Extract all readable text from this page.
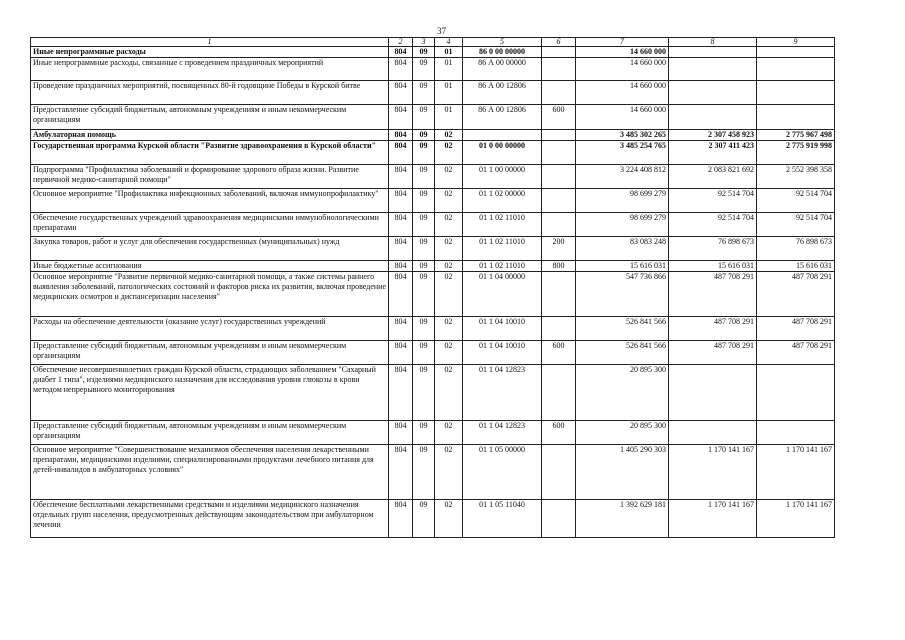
37
1	2	3	4	5	6	7	8	9
Иные непрограммные расходы	804	09	01	86 0 00 00000		14 660 000		
Иные непрограммные расходы, связанные с проведением праздничных мероприятий	804	09	01	86 А 00 00000		14 660 000		
Проведение праздничных мероприятий, посвященных 80-й годовщине Победы в Курской битве	804	09	01	86 А 00 12806		14 660 000		
Предоставление субсидий бюджетным, автономным учреждениям и иным некоммерческим организациям	804	09	01	86 А 00 12806	600	14 660 000		
Амбулаторная помощь	804	09	02			3 485 302 265	2 307 458 923	2 775 967 498
Государственная программа Курской области "Развитие здравоохранения в Курской области"	804	09	02	01 0 00 00000		3 485 254 765	2 307 411 423	2 775 919 998
Подпрограмма "Профилактика заболеваний и формирование здорового образа жизни. Развитие первичной медико-санитарной помощи"	804	09	02	01 1 00 00000		3 224 408 812	2 083 821 692	2 552 398 358
Основное мероприятие "Профилактика инфекционных заболеваний, включая иммунопрофилактику"	804	09	02	01 1 02 00000		98 699 279	92 514 704	92 514 704
Обеспечение государственных учреждений здравоохранения медицинскими иммунобиологическими препаратами	804	09	02	01 1 02 11010		98 699 279	92 514 704	92 514 704
Закупка товаров, работ и услуг для обеспечения государственных (муниципальных) нужд	804	09	02	01 1 02 11010	200	83 083 248	76 898 673	76 898 673
Иные бюджетные ассигнования	804	09	02	01 1 02 11010	800	15 616 031	15 616 031	15 616 031
Основное мероприятие "Развитие первичной медико-санитарной помощи, а также системы раннего выявления заболеваний, патологических состояний и факторов риска их развития, включая проведение медицинских осмотров и диспансеризации населения"	804	09	02	01 1 04 00000		547 736 866	487 708 291	487 708 291
Расходы на обеспечение деятельности (оказание услуг) государственных учреждений	804	09	02	01 1 04 10010		526 841 566	487 708 291	487 708 291
Предоставление субсидий бюджетным, автономным учреждениям и иным некоммерческим организациям	804	09	02	01 1 04 10010	600	526 841 566	487 708 291	487 708 291
Обеспечение несовершеннолетних граждан Курской области, страдающих заболеванием "Сахарный диабет 1 типа", изделиями медицинского назначения для исследования уровня глюкозы в крови методом непрерывного мониторирования	804	09	02	01 1 04 12823		20 895 300		
Предоставление субсидий бюджетным, автономным учреждениям и иным некоммерческим организациям	804	09	02	01 1 04 12823	600	20 895 300		
Основное мероприятие "Совершенствование механизмов обеспечения населения лекарственными препаратами, медицинскими изделиями, специализированными продуктами лечебного питания для детей-инвалидов в амбулаторных условиях"	804	09	02	01 1 05 00000		1 405 290 303	1 170 141 167	1 170 141 167
Обеспечение бесплатными лекарственными средствами и изделиями медицинского назначения отдельных групп населения, предусмотренных действующим законодательством при амбулаторном лечении	804	09	02	01 1 05 11040		1 392 629 181	1 170 141 167	1 170 141 167
